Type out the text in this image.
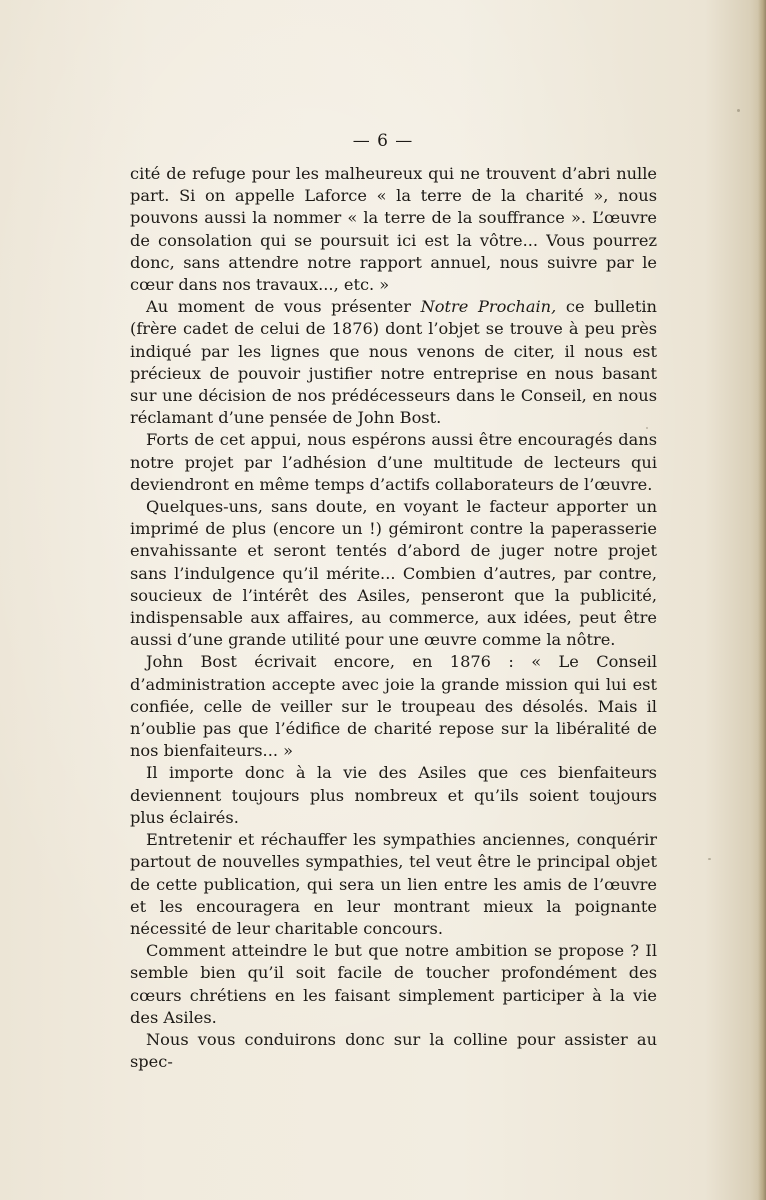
— 6 —

cité de refuge pour les malheureux qui ne trouvent d’abri nulle part. Si on appelle Laforce « la terre de la charité », nous pouvons aussi la nommer « la terre de la souffrance ». L’œuvre de consolation qui se poursuit ici est la vôtre... Vous pourrez donc, sans attendre notre rapport annuel, nous suivre par le cœur dans nos travaux..., etc. »

Au moment de vous présenter Notre Prochain, ce bulletin (frère cadet de celui de 1876) dont l’objet se trouve à peu près indiqué par les lignes que nous venons de citer, il nous est précieux de pouvoir justifier notre entreprise en nous basant sur une décision de nos prédécesseurs dans le Conseil, en nous réclamant d’une pensée de John Bost.

Forts de cet appui, nous espérons aussi être encouragés dans notre projet par l’adhésion d’une multitude de lecteurs qui deviendront en même temps d’actifs collaborateurs de l’œuvre.

Quelques-uns, sans doute, en voyant le facteur apporter un imprimé de plus (encore un !) gémiront contre la paperasserie envahissante et seront tentés d’abord de juger notre projet sans l’indulgence qu’il mérite... Combien d’autres, par contre, soucieux de l’intérêt des Asiles, penseront que la publicité, indispensable aux affaires, au commerce, aux idées, peut être aussi d’une grande utilité pour une œuvre comme la nôtre.

John Bost écrivait encore, en 1876 : « Le Conseil d’administration accepte avec joie la grande mission qui lui est confiée, celle de veiller sur le troupeau des désolés. Mais il n’oublie pas que l’édifice de charité repose sur la libéralité de nos bienfaiteurs... »

Il importe donc à la vie des Asiles que ces bienfaiteurs deviennent toujours plus nombreux et qu’ils soient toujours plus éclairés.

Entretenir et réchauffer les sympathies anciennes, conquérir partout de nouvelles sympathies, tel veut être le principal objet de cette publication, qui sera un lien entre les amis de l’œuvre et les encouragera en leur montrant mieux la poignante nécessité de leur charitable concours.

Comment atteindre le but que notre ambition se propose ? Il semble bien qu’il soit facile de toucher profondément des cœurs chrétiens en les faisant simplement participer à la vie des Asiles.

Nous vous conduirons donc sur la colline pour assister au spec-
